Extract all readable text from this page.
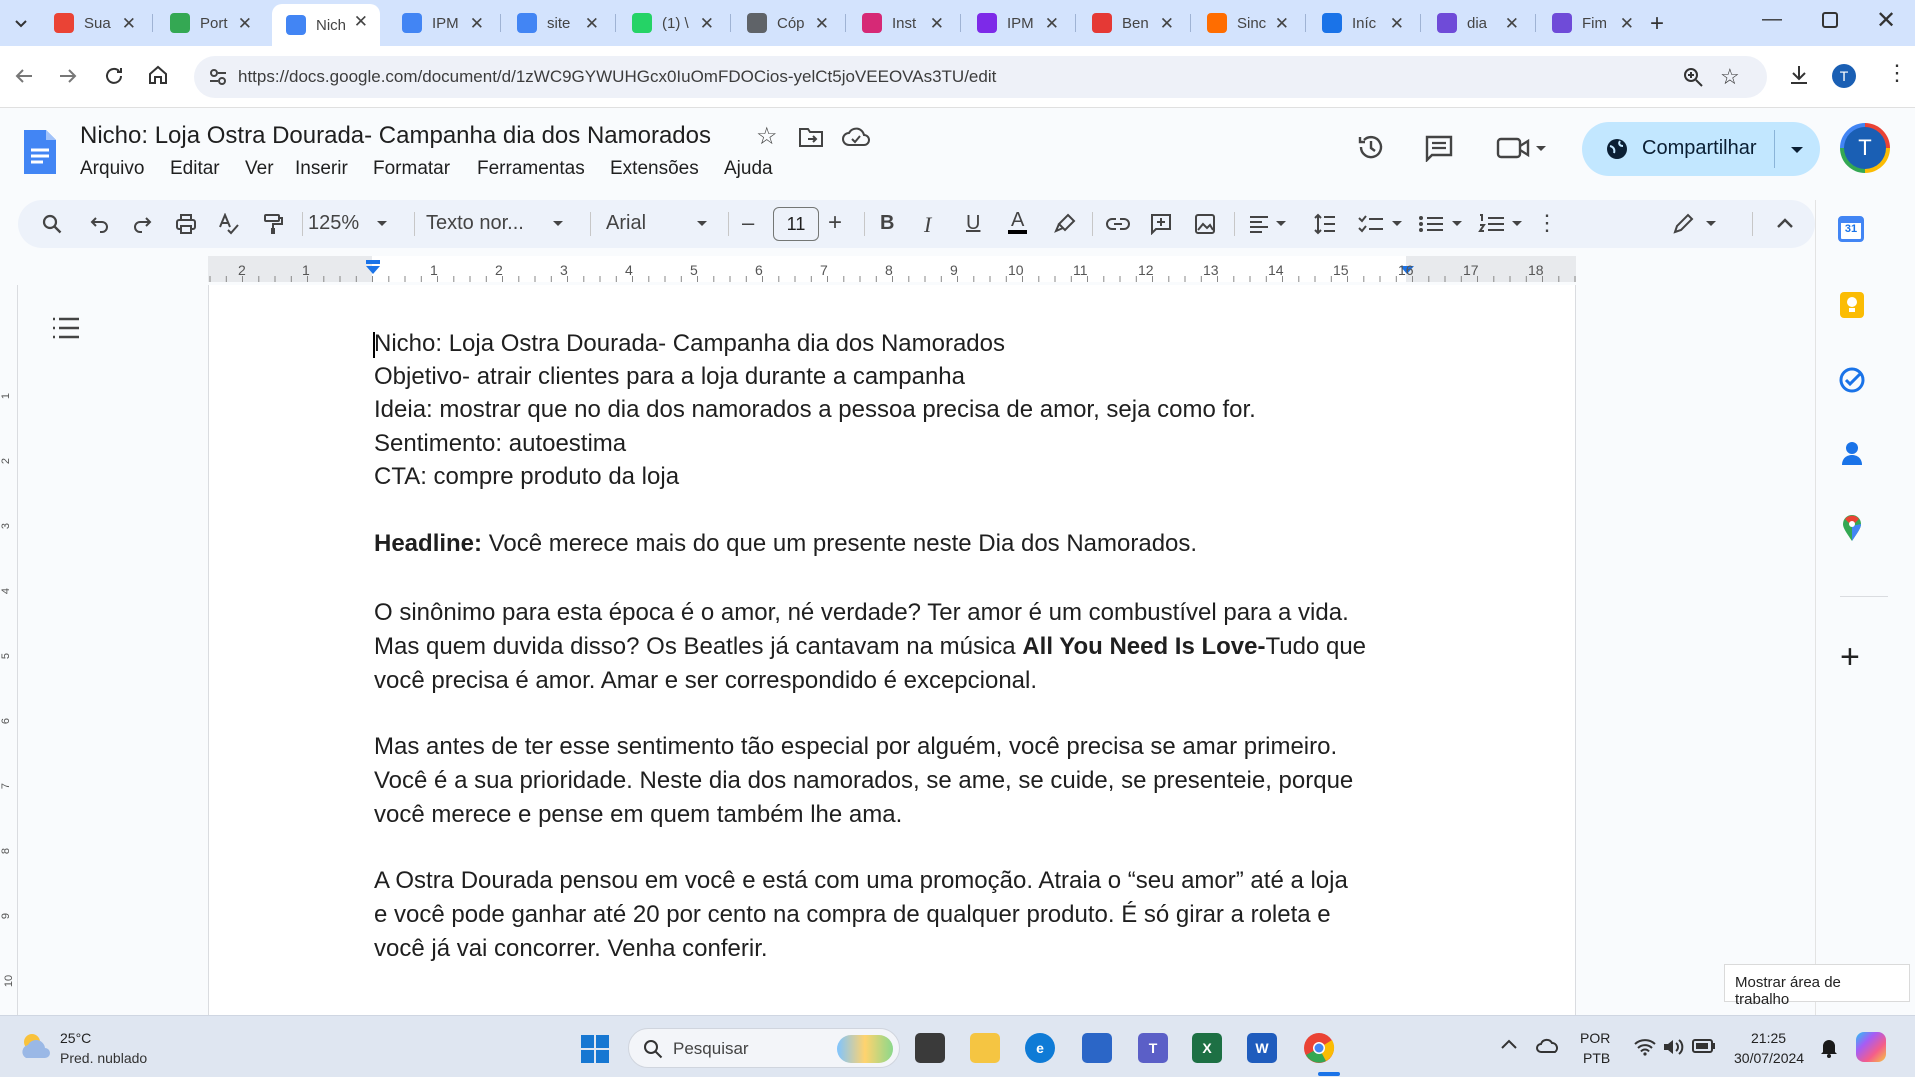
Sua ✕	Port ✕	Nich ✕	IPM ✕	site ✕	(1) \ ✕	Cóp ✕	Inst ✕	IPM ✕	Ben ✕	Sinc ✕	Iníc ✕	dia	✕	Fim ✕ +	—	✕
https://docs.google.com/document/d/1zWC9GYWUHGcx0IuOmFDOCios-yelCt5joVEEOVAs3TU/edit	☆	T	⋮
Nicho: Loja Ostra Dourada- Campanha dia dos Namorados ☆
Arquivo Editar Ver Inserir Formatar Ferramentas Extensões Ajuda
Compartilhar	T
125%	Texto nor...	Arial	–	11 + B I U A	⋮
2	1	1	2	3	4	5	6	7	8	9	10	11	12	13	14	15	16	17	18
1
2
3
4
5
6
7
8
9
10
Nicho: Loja Ostra Dourada- Campanha dia dos Namorados
Objetivo- atrair clientes para a loja durante a campanha
Ideia: mostrar que no dia dos namorados a pessoa precisa de amor, seja como for.
Sentimento: autoestima
CTA: compre produto da loja
Headline: Você merece mais do que um presente neste Dia dos Namorados.
O sinônimo para esta época é o amor, né verdade? Ter amor é um combustível para a vida.
Mas quem duvida disso? Os Beatles já cantavam na música All You Need Is Love-Tudo que
você precisa é amor. Amar e ser correspondido é excepcional.
Mas antes de ter esse sentimento tão especial por alguém, você precisa se amar primeiro.
Você é a sua prioridade. Neste dia dos namorados, se ame, se cuide, se presenteie, porque
você merece e pense em quem também lhe ama.
A Ostra Dourada pensou em você e está com uma promoção. Atraia o “seu amor” até a loja
e você pode ganhar até 20 por cento na compra de qualquer produto. É só girar a roleta e
você já vai concorrer. Venha conferir.
31
+
Mostrar área de trabalho
25°C
Pred. nublado	Pesquisar	e	T	X	W
POR
PTB
21:25
30/07/2024
